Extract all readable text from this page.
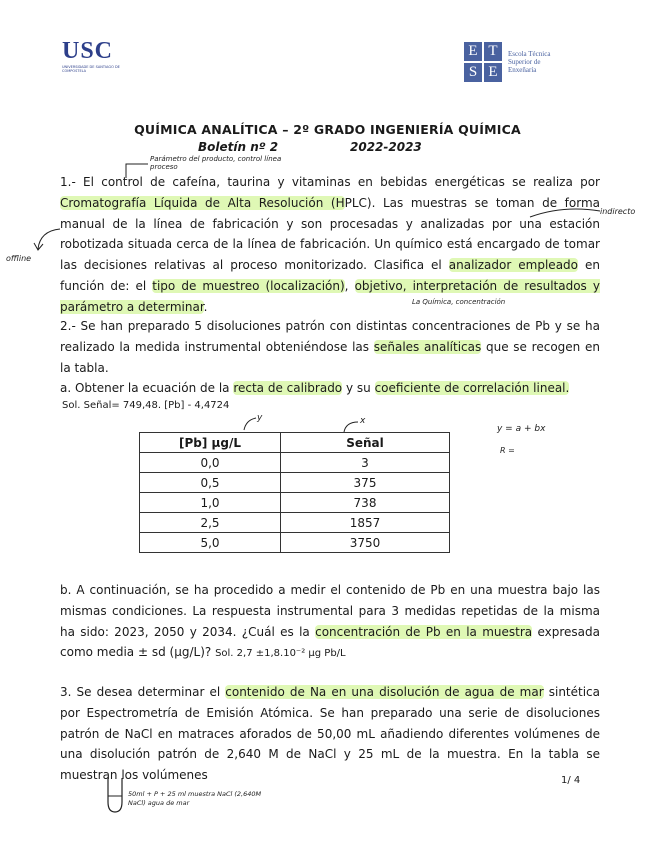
USC
UNIVERSIDADE DE SANTIAGO DE COMPOSTELA
E T
S E
Escola Técnica
Superior de
Enxeñaría
QUÍMICA ANALÍTICA – 2º GRADO INGENIERÍA QUÍMICA
Boletín nº 2	2022-2023
Parámetro del producto, control línea proceso
indirecto
offline
La Química, concentración
1.- El control de cafeína, taurina y vitaminas en bebidas energéticas se realiza por Cromatografía Líquida de Alta Resolución (HPLC). Las muestras se toman de forma manual de la línea de fabricación y son procesadas y analizadas por una estación robotizada situada cerca de la línea de fabricación. Un químico está encargado de tomar las decisiones relativas al proceso monitorizado. Clasifica el analizador empleado en función de: el tipo de muestreo (localización), objetivo, interpretación de resultados y parámetro a determinar.
2.- Se han preparado 5 disoluciones patrón con distintas concentraciones de Pb y se ha realizado la medida instrumental obteniéndose las señales analíticas que se recogen en la tabla.
a. Obtener la ecuación de la recta de calibrado y su coeficiente de correlación lineal.
Sol. Señal= 749,48. [Pb] - 4,4724
y	x
y = a + bx
R =
[Pb] µg/L	Señal
0,0	3
0,5	375
1,0	738
2,5	1857
5,0	3750
b. A continuación, se ha procedido a medir el contenido de Pb en una muestra bajo las mismas condiciones. La respuesta instrumental para 3 medidas repetidas de la misma ha sido: 2023, 2050 y 2034. ¿Cuál es la concentración de Pb en la muestra expresada como media ± sd (µg/L)? Sol. 2,7 ±1,8.10⁻² µg Pb/L
3. Se desea determinar el contenido de Na en una disolución de agua de mar sintética por Espectrometría de Emisión Atómica. Se han preparado una serie de disoluciones patrón de NaCl en matraces aforados de 50,00 mL añadiendo diferentes volúmenes de una disolución patrón de 2,640 M de NaCl y 25 mL de la muestra. En la tabla se muestran los volúmenes	1/ 4
50ml + P + 25 ml muestra NaCl (2,640M NaCl) agua de mar
